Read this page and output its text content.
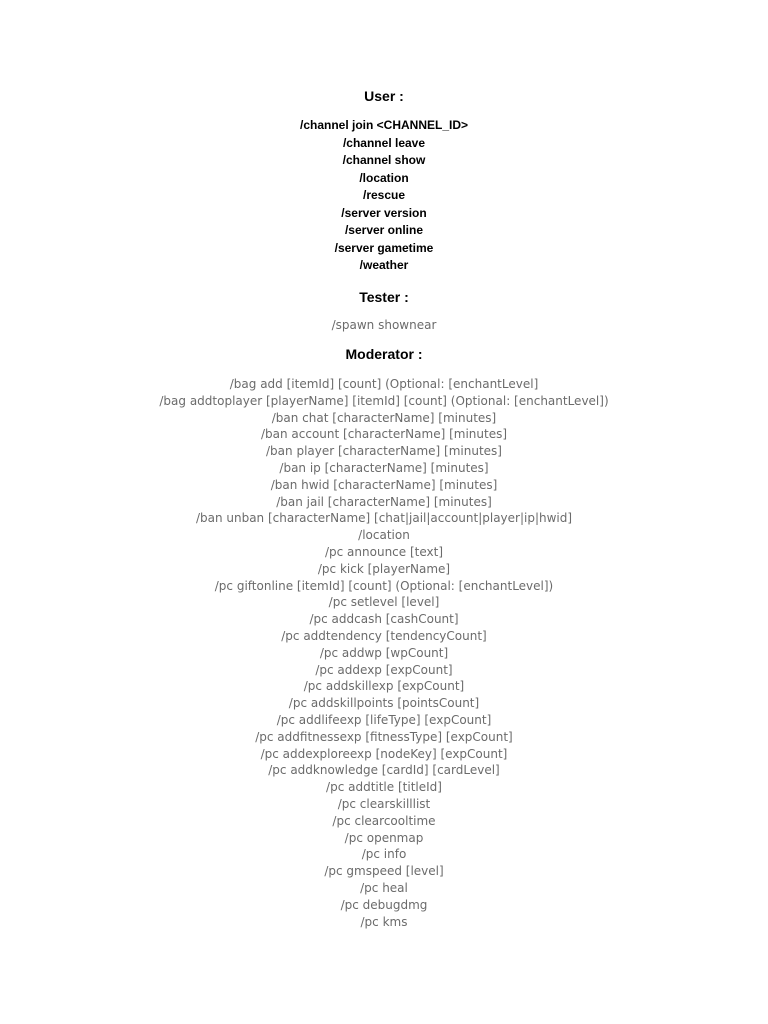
User :
/channel join <CHANNEL_ID>
/channel leave
/channel show
/location
/rescue
/server version
/server online
/server gametime
/weather
Tester :
/spawn shownear
Moderator :
/bag add [itemId] [count] (Optional: [enchantLevel]
/bag addtoplayer [playerName] [itemId] [count] (Optional: [enchantLevel])
/ban chat [characterName] [minutes]
/ban account [characterName] [minutes]
/ban player [characterName] [minutes]
/ban ip [characterName] [minutes]
/ban hwid [characterName] [minutes]
/ban jail [characterName] [minutes]
/ban unban [characterName] [chat|jail|account|player|ip|hwid]
/location
/pc announce [text]
/pc kick [playerName]
/pc giftonline [itemId] [count] (Optional: [enchantLevel])
/pc setlevel [level]
/pc addcash [cashCount]
/pc addtendency [tendencyCount]
/pc addwp [wpCount]
/pc addexp [expCount]
/pc addskillexp [expCount]
/pc addskillpoints [pointsCount]
/pc addlifeexp [lifeType] [expCount]
/pc addfitnessexp [fitnessType] [expCount]
/pc addexploreexp [nodeKey] [expCount]
/pc addknowledge [cardId] [cardLevel]
/pc addtitle [titleId]
/pc clearskilllist
/pc clearcooltime
/pc openmap
/pc info
/pc gmspeed [level]
/pc heal
/pc debugdmg
/pc kms
